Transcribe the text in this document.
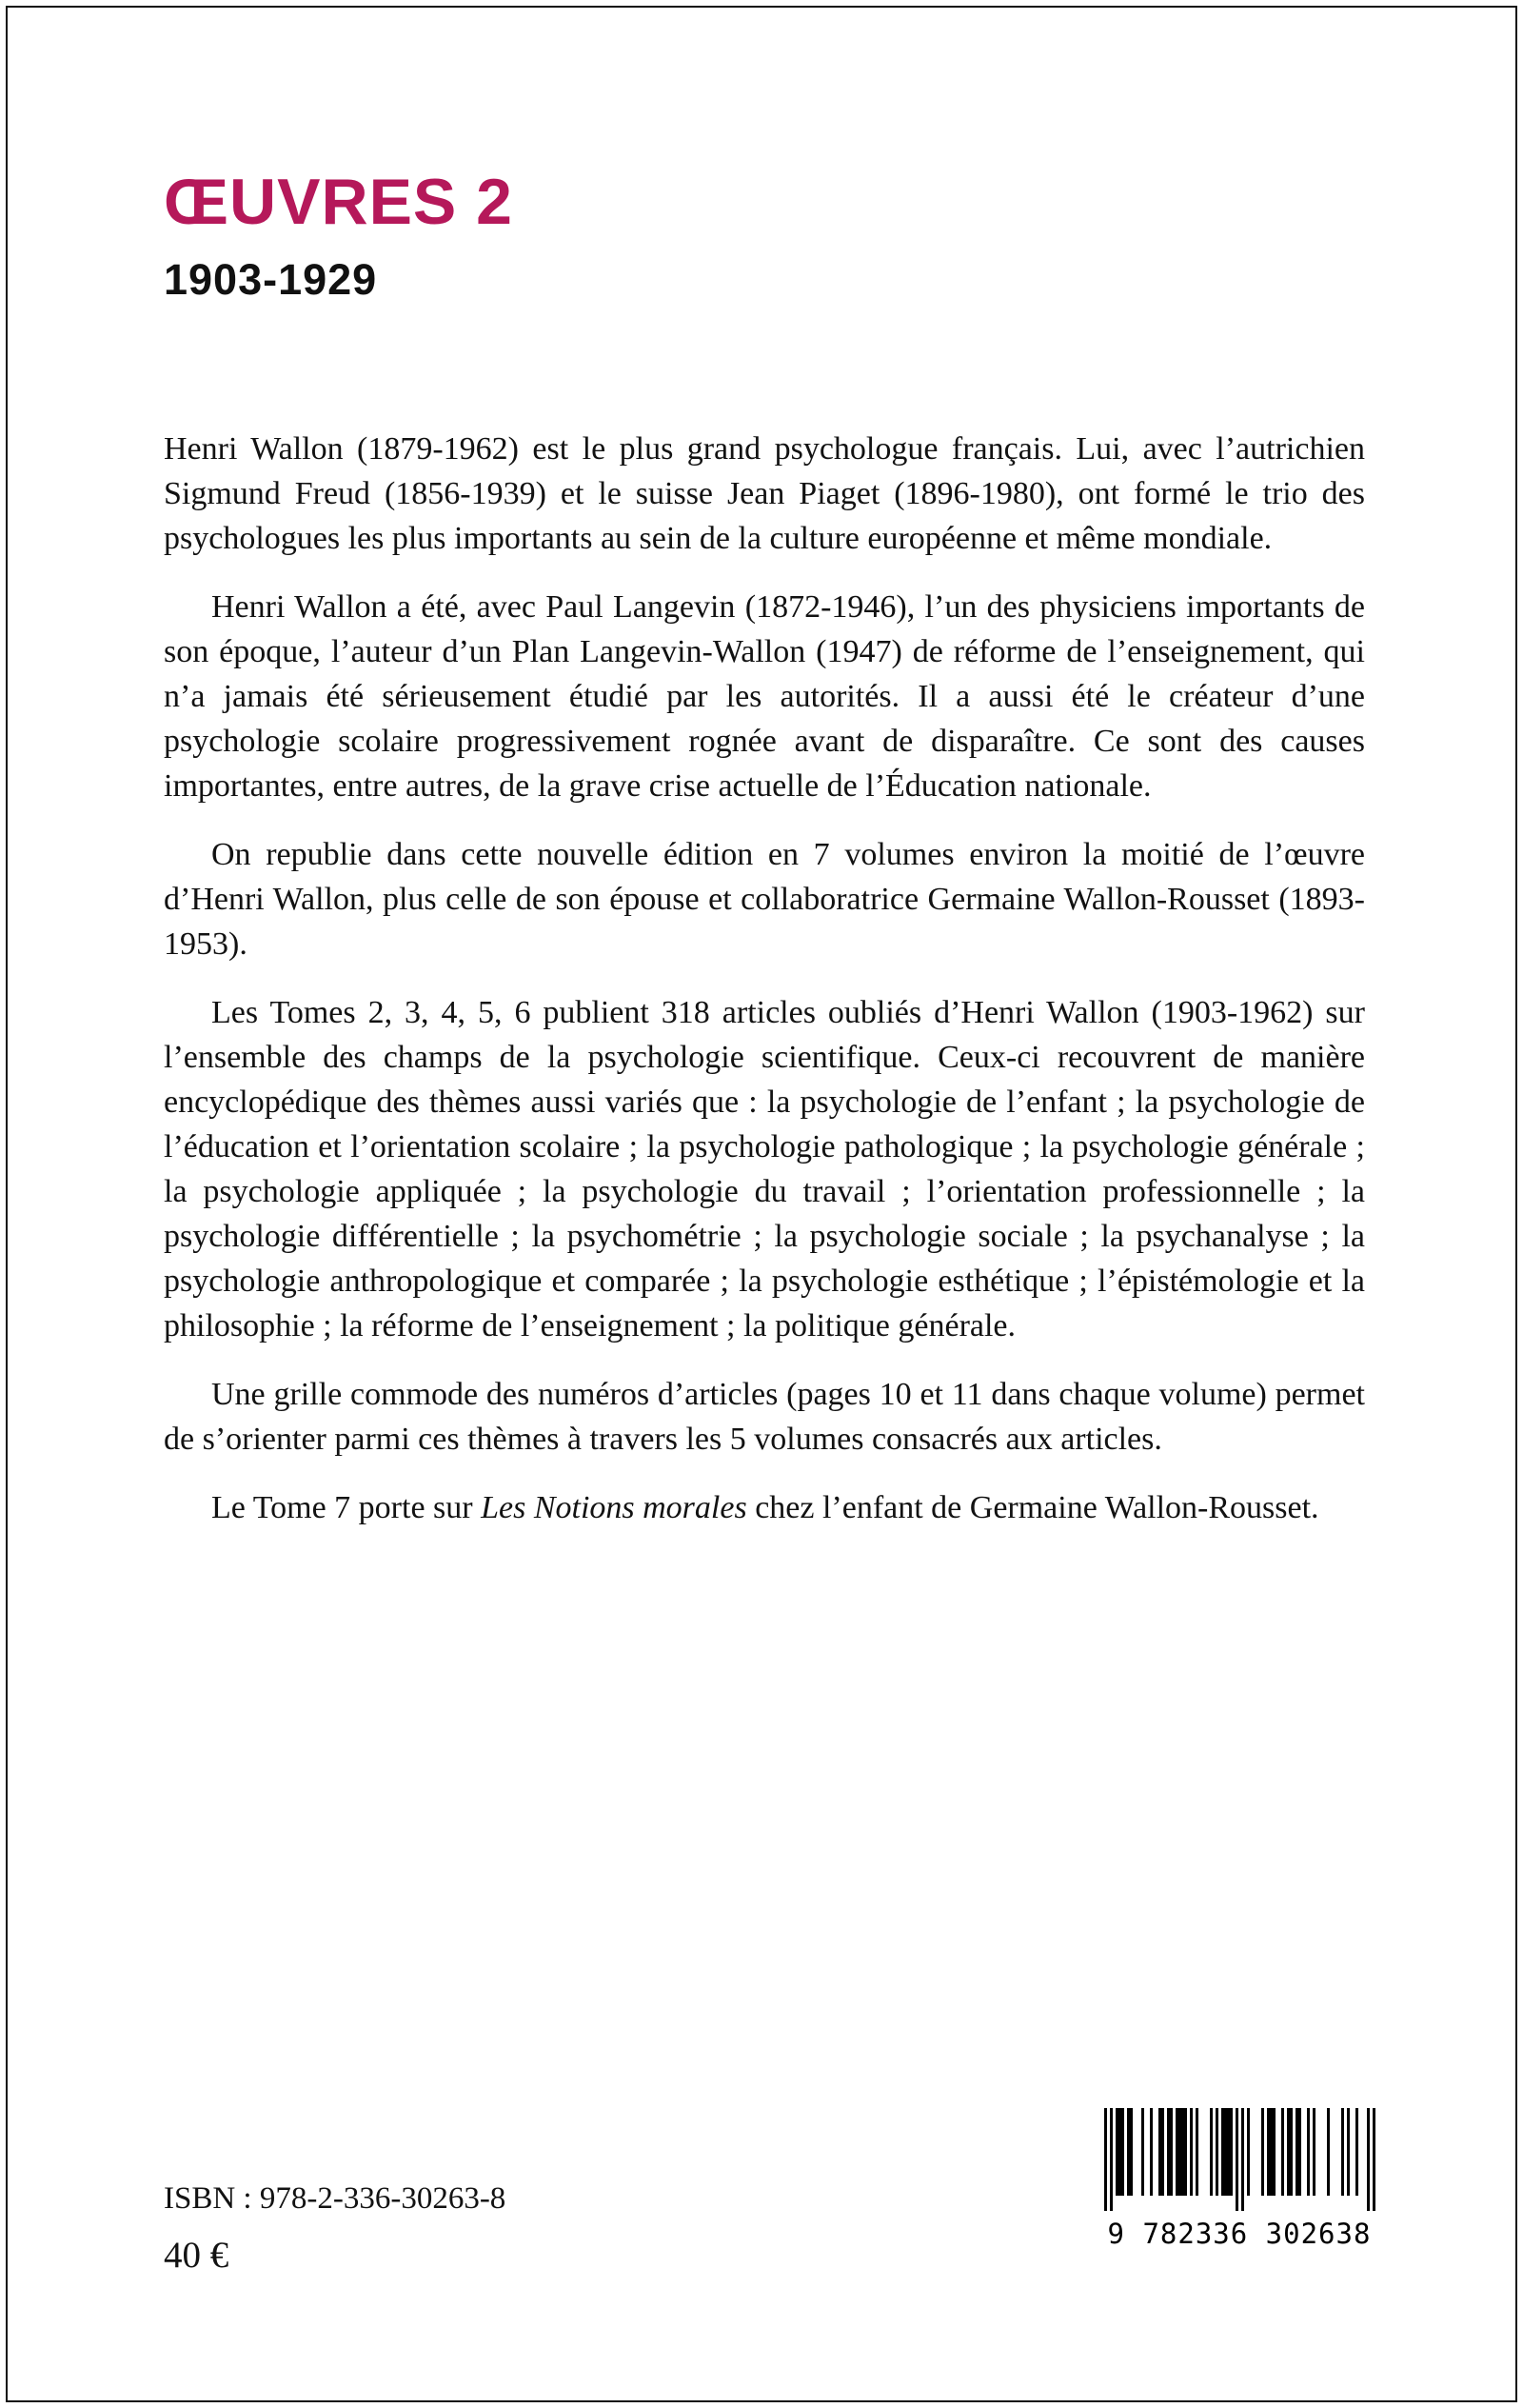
ŒUVRES 2
1903-1929

Henri Wallon (1879-1962) est le plus grand psychologue français. Lui, avec l’autrichien Sigmund Freud (1856-1939) et le suisse Jean Piaget (1896-1980), ont formé le trio des psychologues les plus importants au sein de la culture européenne et même mondiale.

Henri Wallon a été, avec Paul Langevin (1872-1946), l’un des physiciens importants de son époque, l’auteur d’un Plan Langevin-Wallon (1947) de réforme de l’enseignement, qui n’a jamais été sérieusement étudié par les autorités. Il a aussi été le créateur d’une psychologie scolaire progressivement rognée avant de disparaître. Ce sont des causes importantes, entre autres, de la grave crise actuelle de l’Éducation nationale.

On republie dans cette nouvelle édition en 7 volumes environ la moitié de l’œuvre d’Henri Wallon, plus celle de son épouse et collaboratrice Germaine Wallon-Rousset (1893-1953).

Les Tomes 2, 3, 4, 5, 6 publient 318 articles oubliés d’Henri Wallon (1903-1962) sur l’ensemble des champs de la psychologie scientifique. Ceux-ci recouvrent de manière encyclopédique des thèmes aussi variés que : la psychologie de l’enfant ; la psychologie de l’éducation et l’orientation scolaire ; la psychologie pathologique ; la psychologie générale ; la psychologie appliquée ; la psychologie du travail ; l’orientation professionnelle ; la psychologie différentielle ; la psychométrie ; la psychologie sociale ; la psychanalyse ; la psychologie anthropologique et comparée ; la psychologie esthétique ; l’épistémologie et la philosophie ; la réforme de l’enseignement ; la politique générale.

Une grille commode des numéros d’articles (pages 10 et 11 dans chaque volume) permet de s’orienter parmi ces thèmes à travers les 5 volumes consacrés aux articles.

Le Tome 7 porte sur Les Notions morales chez l’enfant de Germaine Wallon-Rousset.

ISBN : 978-2-336-30263-8
40 €
9 782336 302638
